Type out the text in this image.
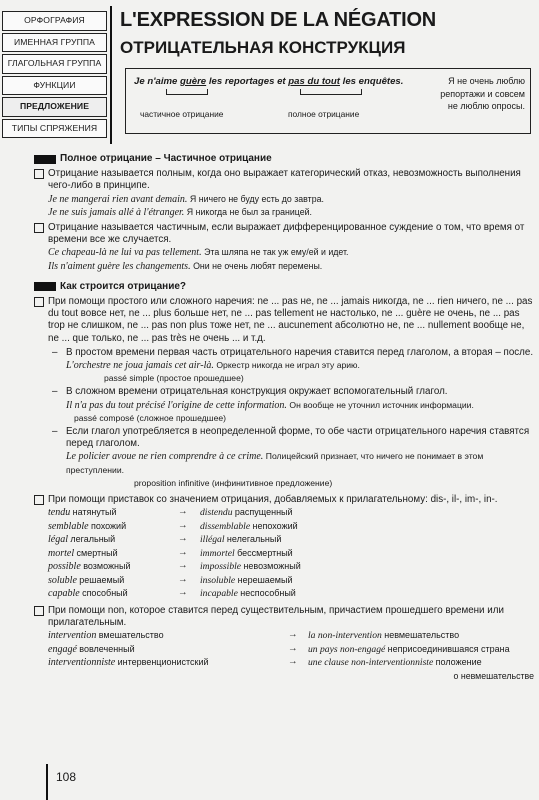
ОРФОГРАФИЯ
ИМЕННАЯ ГРУППА
ГЛАГОЛЬНАЯ ГРУППА
ФУНКЦИИ
ПРЕДЛОЖЕНИЕ
ТИПЫ СПРЯЖЕНИЯ
L'EXPRESSION DE LA NÉGATION
ОТРИЦАТЕЛЬНАЯ КОНСТРУКЦИЯ
Je n'aime guère les reportages et pas du tout les enquêtes.	Я не очень люблю
репортажи и совсем
не люблю опросы.
частичное отрицание	полное отрицание
Полное отрицание – Частичное отрицание
Отрицание называется полным, когда оно выражает категорический отказ, невозможность выполнения чего-либо в принципе.
Je ne mangerai rien avant demain. Я ничего не буду есть до завтра.
Je ne suis jamais allé à l'étranger. Я никогда не был за границей.
Отрицание называется частичным, если выражает дифференцированное суждение о том, что время от времени все же случается.
Ce chapeau-là ne lui va pas tellement. Эта шляпа не так уж ему/ей и идет.
Ils n'aiment guère les changements. Они не очень любят перемены.
Как строится отрицание?
При помощи простого или сложного наречия: ne ... pas не, ne ... jamais никогда, ne ... rien ничего, ne ... pas du tout вовсе нет, ne ... plus больше нет, ne ... pas tellement не настолько, ne ... guère не очень, ne ... pas trop не слишком, ne ... pas non plus тоже нет, ne ... aucunement абсолютно не, ne ... nullement вообще не, ne ... que только, ne ... pas très не очень ... и т.д.
– В простом времени первая часть отрицательного наречия ставится перед глаголом, а вторая – после.
L'orchestre ne joua jamais cet air-là. Оркестр никогда не играл эту арию.
passé simple (простое прошедшее)
– В сложном времени отрицательная конструкция окружает вспомогательный глагол.
Il n'a pas du tout précisé l'origine de cette information. Он вообще не уточнил источник информации.
passé composé (сложное прошедшее)
– Если глагол употребляется в неопределенной форме, то обе части отрицательного наречия ставятся перед глаголом.
Le policier avoue ne rien comprendre à ce crime. Полицейский признает, что ничего не понимает в этом преступлении.
proposition infinitive (инфинитивное предложение)
При помощи приставок со значением отрицания, добавляемых к прилагательному: dis-, il-, im-, in-.
tendu натянутый	→	distendu распущенный
semblable похожий	→	dissemblable непохожий
légal легальный	→	illégal нелегальный
mortel смертный	→	immortel бессмертный
possible возможный	→	impossible невозможный
soluble решаемый	→	insoluble нерешаемый
capable способный	→	incapable неспособный
При помощи non, которое ставится перед существительным, причастием прошедшего времени или прилагательным.
intervention вмешательство	→	la non-intervention невмешательство
engagé вовлеченный	→	un pays non-engagé неприсоединившаяся страна
interventionniste интервенционистский	→	une clause non-interventionniste положение
о невмешательстве
108
